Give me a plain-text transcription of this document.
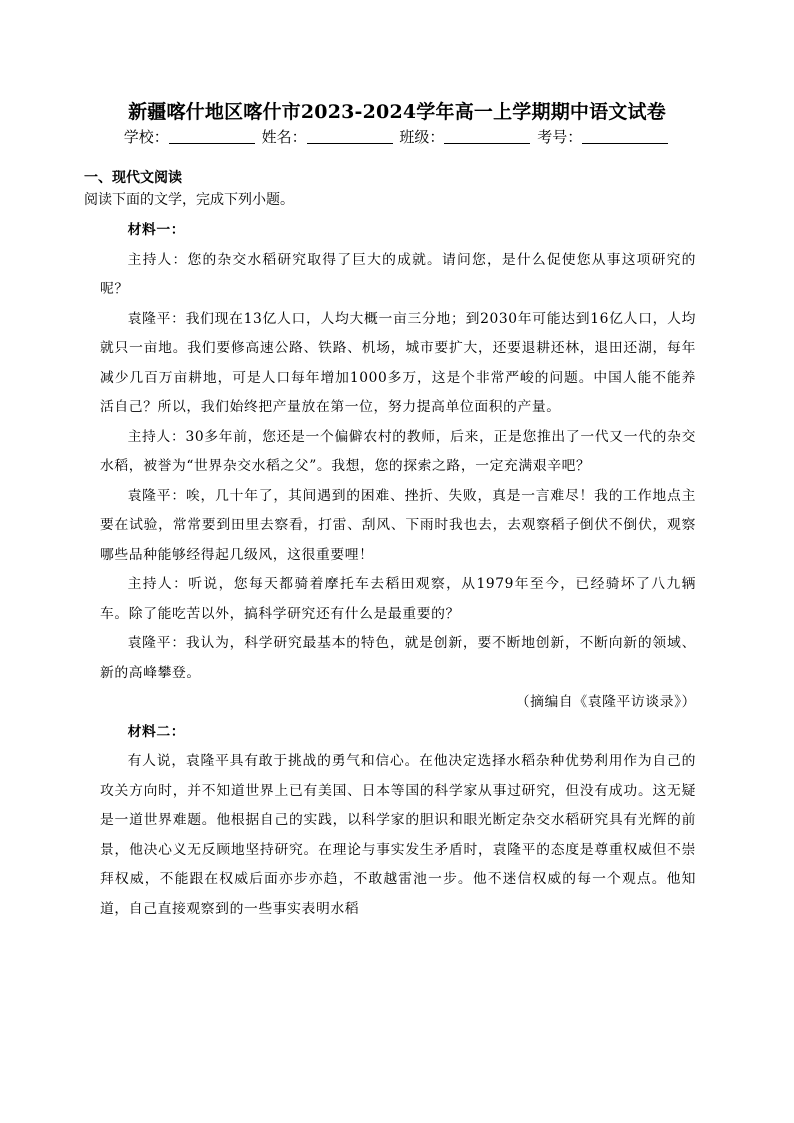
新疆喀什地区喀什市2023-2024学年高一上学期期中语文试卷
学校：	姓名：	班级：	考号：
一、现代文阅读
阅读下面的文学，完成下列小题。

材料一：

主持人：您的杂交水稻研究取得了巨大的成就。请问您，是什么促使您从事这项研究的呢？

袁隆平：我们现在13亿人口，人均大概一亩三分地；到2030年可能达到16亿人口，人均就只一亩地。我们要修高速公路、铁路、机场，城市要扩大，还要退耕还林，退田还湖，每年减少几百万亩耕地，可是人口每年增加1000多万，这是个非常严峻的问题。中国人能不能养活自己？所以，我们始终把产量放在第一位，努力提高单位面积的产量。

主持人：30多年前，您还是一个偏僻农村的教师，后来，正是您推出了一代又一代的杂交水稻，被誉为“世界杂交水稻之父”。我想，您的探索之路，一定充满艰辛吧？

袁隆平：唉，几十年了，其间遇到的困难、挫折、失败，真是一言难尽！我的工作地点主要在试验，常常要到田里去察看，打雷、刮风、下雨时我也去，去观察稻子倒伏不倒伏，观察哪些品种能够经得起几级风，这很重要哩！

主持人：听说，您每天都骑着摩托车去稻田观察，从1979年至今，已经骑坏了八九辆车。除了能吃苦以外，搞科学研究还有什么是最重要的？

袁隆平：我认为，科学研究最基本的特色，就是创新，要不断地创新，不断向新的领域、新的高峰攀登。

（摘编自《袁隆平访谈录》）

材料二：

有人说，袁隆平具有敢于挑战的勇气和信心。在他决定选择水稻杂种优势利用作为自己的攻关方向时，并不知道世界上已有美国、日本等国的科学家从事过研究，但没有成功。这无疑是一道世界难题。他根据自己的实践，以科学家的胆识和眼光断定杂交水稻研究具有光辉的前景，他决心义无反顾地坚持研究。在理论与事实发生矛盾时，袁隆平的态度是尊重权威但不崇拜权威，不能跟在权威后面亦步亦趋，不敢越雷池一步。他不迷信权威的每一个观点。他知道，自己直接观察到的一些事实表明水稻
